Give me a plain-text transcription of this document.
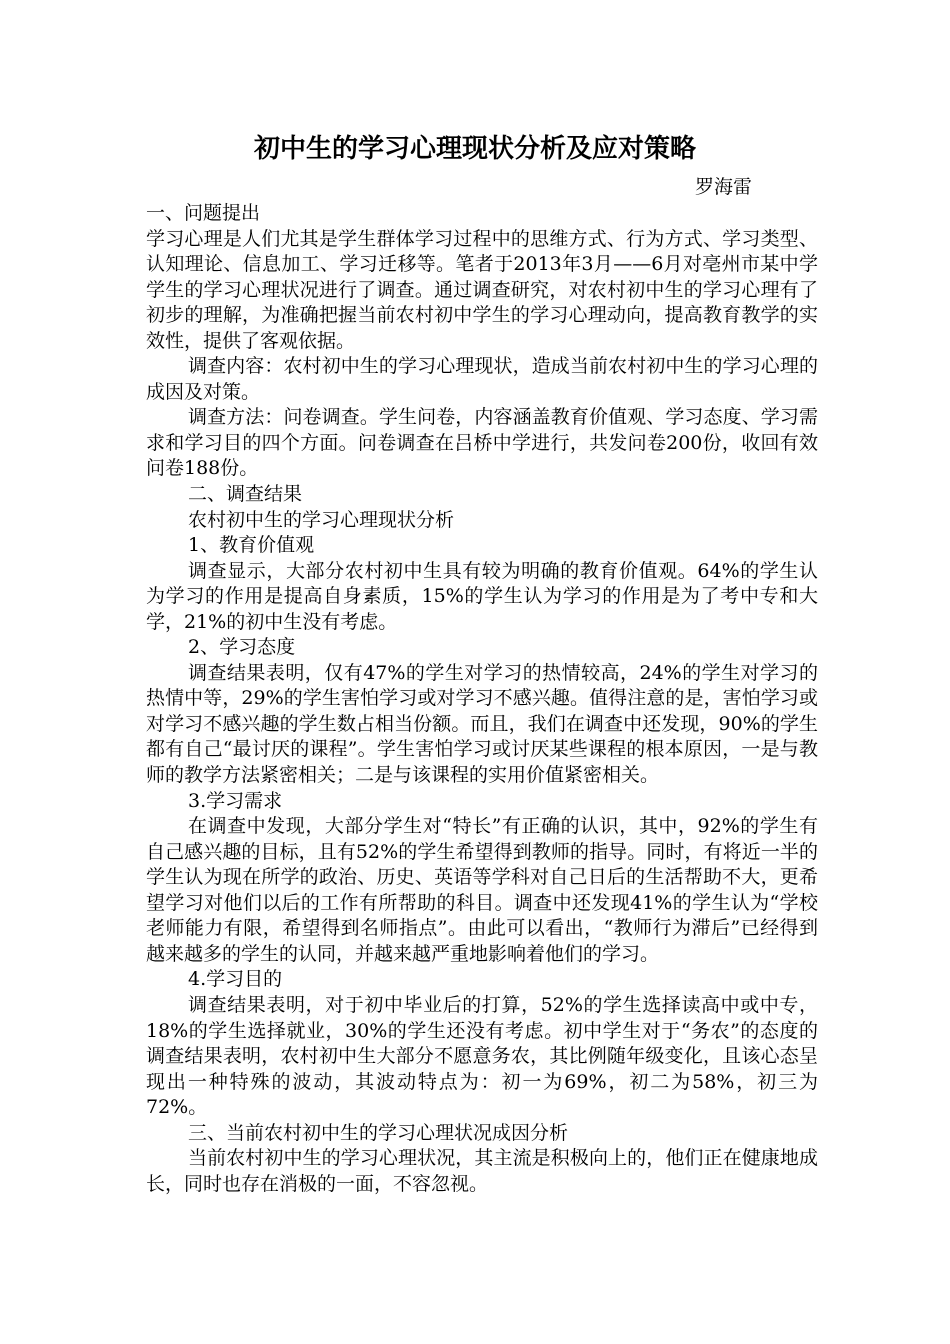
初中生的学习心理现状分析及应对策略
罗海雷

一、问题提出

学习心理是人们尤其是学生群体学习过程中的思维方式、行为方式、学习类型、认知理论、信息加工、学习迁移等。笔者于2013年3月——6月对亳州市某中学学生的学习心理状况进行了调查。通过调查研究，对农村初中生的学习心理有了初步的理解，为准确把握当前农村初中学生的学习心理动向，提高教育教学的实效性，提供了客观依据。

调查内容：农村初中生的学习心理现状，造成当前农村初中生的学习心理的成因及对策。

调查方法：问卷调查。学生问卷，内容涵盖教育价值观、学习态度、学习需求和学习目的四个方面。问卷调查在吕桥中学进行，共发问卷200份，收回有效问卷188份。

二、调查结果

农村初中生的学习心理现状分析

1、教育价值观

调查显示，大部分农村初中生具有较为明确的教育价值观。64%的学生认为学习的作用是提高自身素质，15%的学生认为学习的作用是为了考中专和大学，21%的初中生没有考虑。

2、学习态度

调查结果表明，仅有47%的学生对学习的热情较高，24%的学生对学习的热情中等，29%的学生害怕学习或对学习不感兴趣。值得注意的是，害怕学习或对学习不感兴趣的学生数占相当份额。而且，我们在调查中还发现，90%的学生都有自己“最讨厌的课程”。学生害怕学习或讨厌某些课程的根本原因，一是与教师的教学方法紧密相关；二是与该课程的实用价值紧密相关。

3.学习需求

在调查中发现，大部分学生对“特长”有正确的认识，其中，92%的学生有自己感兴趣的目标，且有52%的学生希望得到教师的指导。同时，有将近一半的学生认为现在所学的政治、历史、英语等学科对自己日后的生活帮助不大，更希望学习对他们以后的工作有所帮助的科目。调查中还发现41%的学生认为“学校老师能力有限，希望得到名师指点”。由此可以看出，“教师行为滞后”已经得到越来越多的学生的认同，并越来越严重地影响着他们的学习。

4.学习目的

调查结果表明，对于初中毕业后的打算，52%的学生选择读高中或中专，18%的学生选择就业，30%的学生还没有考虑。初中学生对于“务农”的态度的调查结果表明，农村初中生大部分不愿意务农，其比例随年级变化，且该心态呈现出一种特殊的波动，其波动特点为：初一为69%，初二为58%，初三为72%。

三、当前农村初中生的学习心理状况成因分析

当前农村初中生的学习心理状况，其主流是积极向上的，他们正在健康地成长，同时也存在消极的一面，不容忽视。
